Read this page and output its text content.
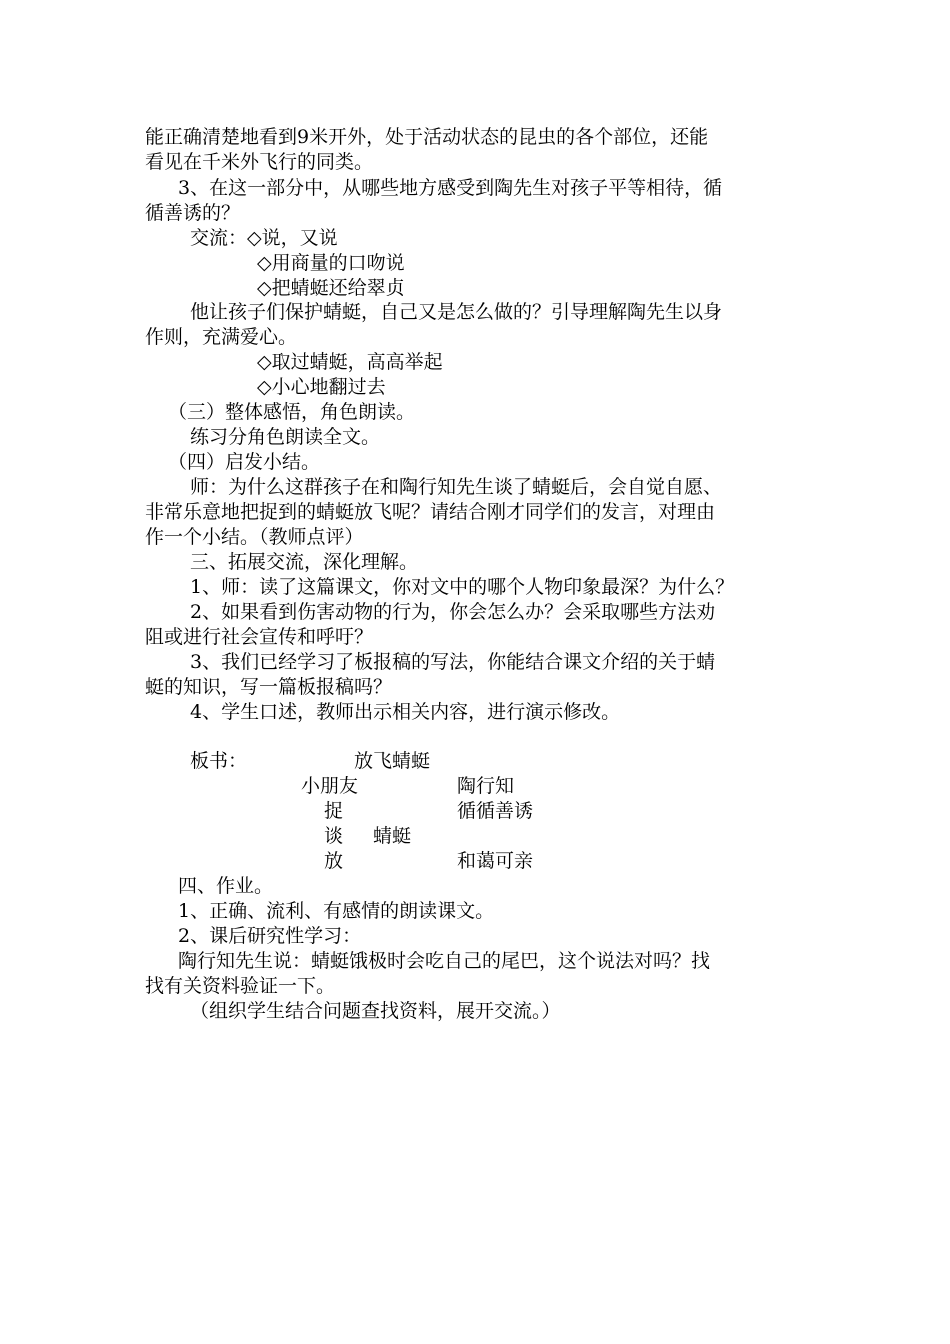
能正确清楚地看到9米开外，处于活动状态的昆虫的各个部位，还能
看见在千米外飞行的同类。
3、在这一部分中，从哪些地方感受到陶先生对孩子平等相待，循
循善诱的？
交流：◇说，又说
◇用商量的口吻说
◇把蜻蜓还给翠贞
他让孩子们保护蜻蜓，自己又是怎么做的？引导理解陶先生以身
作则，充满爱心。
◇取过蜻蜓，高高举起
◇小心地翻过去
（三）整体感悟，角色朗读。
练习分角色朗读全文。
（四）启发小结。
师：为什么这群孩子在和陶行知先生谈了蜻蜓后，会自觉自愿、
非常乐意地把捉到的蜻蜓放飞呢？请结合刚才同学们的发言，对理由
作一个小结。（教师点评）
三、拓展交流，深化理解。
1、师：读了这篇课文，你对文中的哪个人物印象最深？为什么？
2、如果看到伤害动物的行为，你会怎么办？会采取哪些方法劝
阻或进行社会宣传和呼吁？
3、我们已经学习了板报稿的写法，你能结合课文介绍的关于蜻
蜓的知识，写一篇板报稿吗？
4、学生口述，教师出示相关内容，进行演示修改。
板书：	放飞蜻蜓
小朋友	陶行知
捉	循循善诱
谈 蜻蜓
放	和蔼可亲
四、作业。
1、正确、流利、有感情的朗读课文。
2、课后研究性学习：
陶行知先生说：蜻蜓饿极时会吃自己的尾巴，这个说法对吗？找
找有关资料验证一下。
（组织学生结合问题查找资料，展开交流。）
